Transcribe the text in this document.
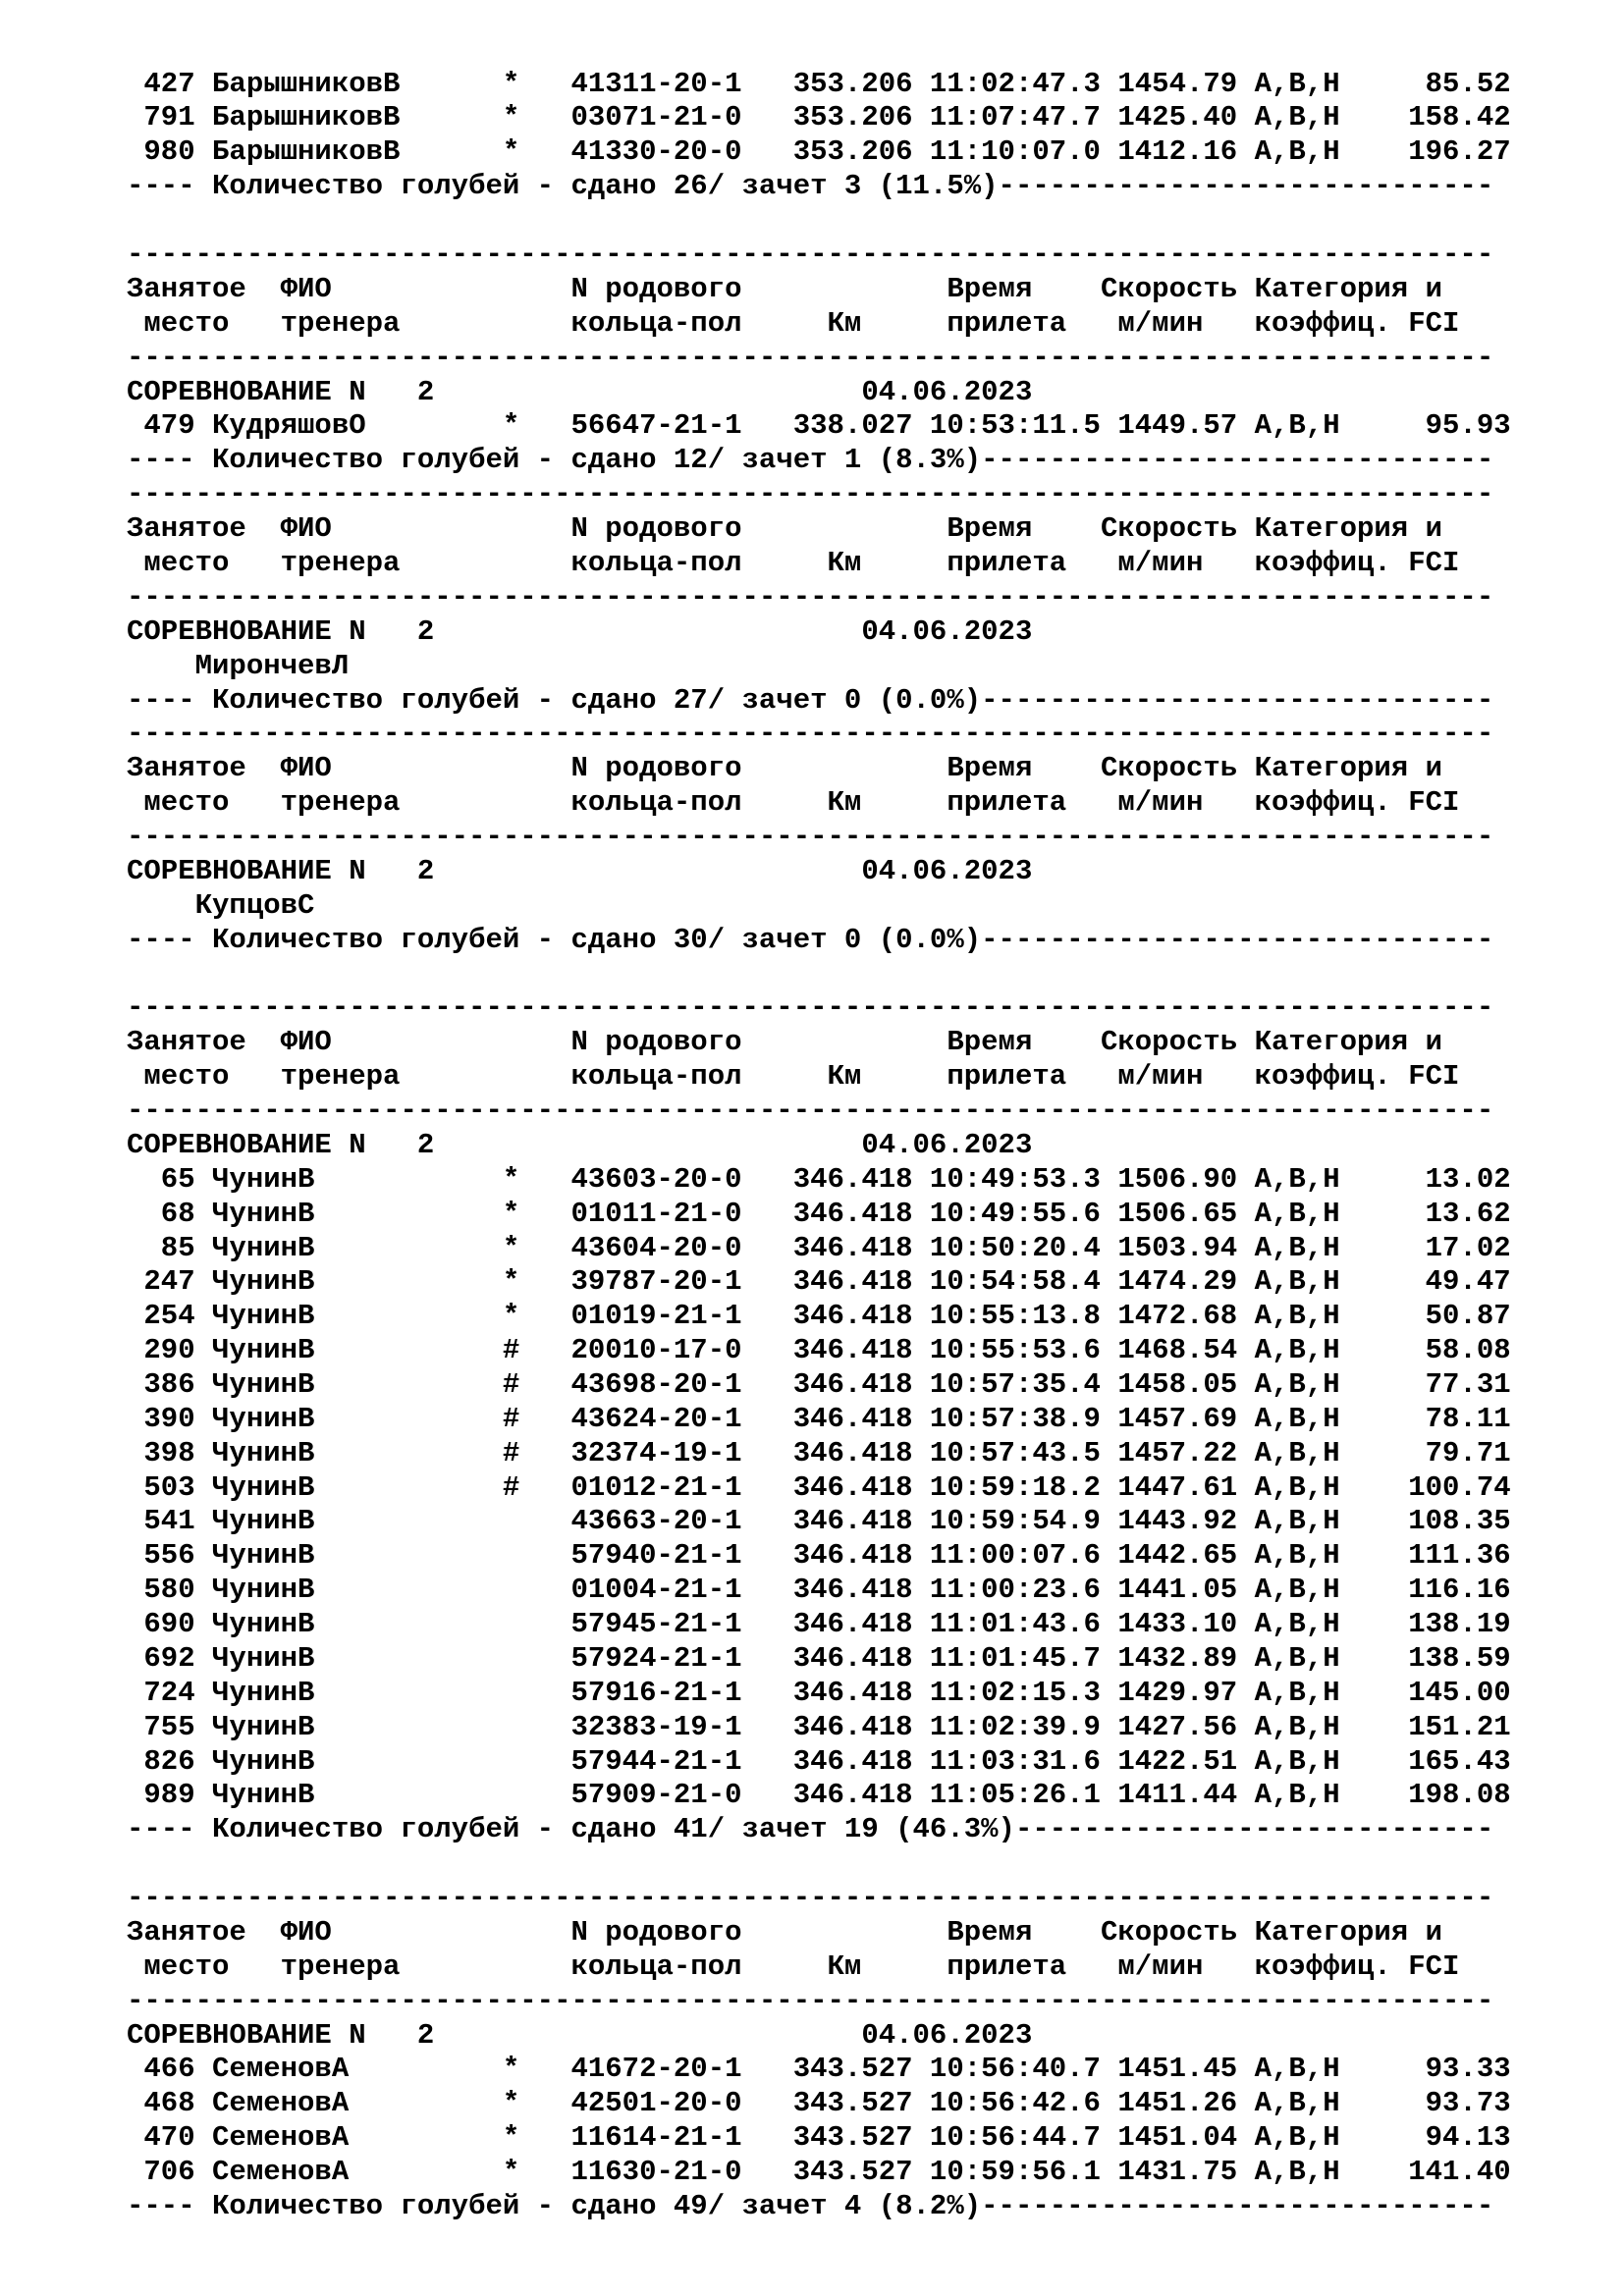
427 БарышниковВ      *   41311-20-1   353.206 11:02:47.3 1454.79 А,В,Н     85.52
791 БарышниковВ      *   03071-21-0   353.206 11:07:47.7 1425.40 А,В,Н    158.42
980 БарышниковВ      *   41330-20-0   353.206 11:10:07.0 1412.16 А,В,Н    196.27
---- Количество голубей - сдано 26/ зачет 3 (11.5%)-----------------------------
--------------------------------------------------------------------------------
Занятое  ФИО              N родового            Время    Скорость Категория и
место   тренера          кольца-пол     Км     прилета   м/мин   коэффиц. FCI
--------------------------------------------------------------------------------
СОРЕВНОВАНИЕ N   2                         04.06.2023
479 КудряшовО        *   56647-21-1   338.027 10:53:11.5 1449.57 А,В,Н     95.93
---- Количество голубей - сдано 12/ зачет 1 (8.3%)------------------------------
--------------------------------------------------------------------------------
Занятое  ФИО              N родового            Время    Скорость Категория и
место   тренера          кольца-пол     Км     прилета   м/мин   коэффиц. FCI
--------------------------------------------------------------------------------
СОРЕВНОВАНИЕ N   2                         04.06.2023
МирончевЛ
---- Количество голубей - сдано 27/ зачет 0 (0.0%)------------------------------
--------------------------------------------------------------------------------
Занятое  ФИО              N родового            Время    Скорость Категория и
место   тренера          кольца-пол     Км     прилета   м/мин   коэффиц. FCI
--------------------------------------------------------------------------------
СОРЕВНОВАНИЕ N   2                         04.06.2023
КупцовС
---- Количество голубей - сдано 30/ зачет 0 (0.0%)------------------------------
--------------------------------------------------------------------------------
Занятое  ФИО              N родового            Время    Скорость Категория и
место   тренера          кольца-пол     Км     прилета   м/мин   коэффиц. FCI
--------------------------------------------------------------------------------
СОРЕВНОВАНИЕ N   2                         04.06.2023
65 ЧунинВ           *   43603-20-0   346.418 10:49:53.3 1506.90 А,В,Н     13.02
68 ЧунинВ           *   01011-21-0   346.418 10:49:55.6 1506.65 А,В,Н     13.62
85 ЧунинВ           *   43604-20-0   346.418 10:50:20.4 1503.94 А,В,Н     17.02
247 ЧунинВ           *   39787-20-1   346.418 10:54:58.4 1474.29 А,В,Н     49.47
254 ЧунинВ           *   01019-21-1   346.418 10:55:13.8 1472.68 А,В,Н     50.87
290 ЧунинВ           #   20010-17-0   346.418 10:55:53.6 1468.54 А,В,Н     58.08
386 ЧунинВ           #   43698-20-1   346.418 10:57:35.4 1458.05 А,В,Н     77.31
390 ЧунинВ           #   43624-20-1   346.418 10:57:38.9 1457.69 А,В,Н     78.11
398 ЧунинВ           #   32374-19-1   346.418 10:57:43.5 1457.22 А,В,Н     79.71
503 ЧунинВ           #   01012-21-1   346.418 10:59:18.2 1447.61 А,В,Н    100.74
541 ЧунинВ               43663-20-1   346.418 10:59:54.9 1443.92 А,В,Н    108.35
556 ЧунинВ               57940-21-1   346.418 11:00:07.6 1442.65 А,В,Н    111.36
580 ЧунинВ               01004-21-1   346.418 11:00:23.6 1441.05 А,В,Н    116.16
690 ЧунинВ               57945-21-1   346.418 11:01:43.6 1433.10 А,В,Н    138.19
692 ЧунинВ               57924-21-1   346.418 11:01:45.7 1432.89 А,В,Н    138.59
724 ЧунинВ               57916-21-1   346.418 11:02:15.3 1429.97 А,В,Н    145.00
755 ЧунинВ               32383-19-1   346.418 11:02:39.9 1427.56 А,В,Н    151.21
826 ЧунинВ               57944-21-1   346.418 11:03:31.6 1422.51 А,В,Н    165.43
989 ЧунинВ               57909-21-0   346.418 11:05:26.1 1411.44 А,В,Н    198.08
---- Количество голубей - сдано 41/ зачет 19 (46.3%)----------------------------
--------------------------------------------------------------------------------
Занятое  ФИО              N родового            Время    Скорость Категория и
место   тренера          кольца-пол     Км     прилета   м/мин   коэффиц. FCI
--------------------------------------------------------------------------------
СОРЕВНОВАНИЕ N   2                         04.06.2023
466 СеменовА         *   41672-20-1   343.527 10:56:40.7 1451.45 А,В,Н     93.33
468 СеменовА         *   42501-20-0   343.527 10:56:42.6 1451.26 А,В,Н     93.73
470 СеменовА         *   11614-21-1   343.527 10:56:44.7 1451.04 А,В,Н     94.13
706 СеменовА         *   11630-21-0   343.527 10:59:56.1 1431.75 А,В,Н    141.40
---- Количество голубей - сдано 49/ зачет 4 (8.2%)------------------------------
